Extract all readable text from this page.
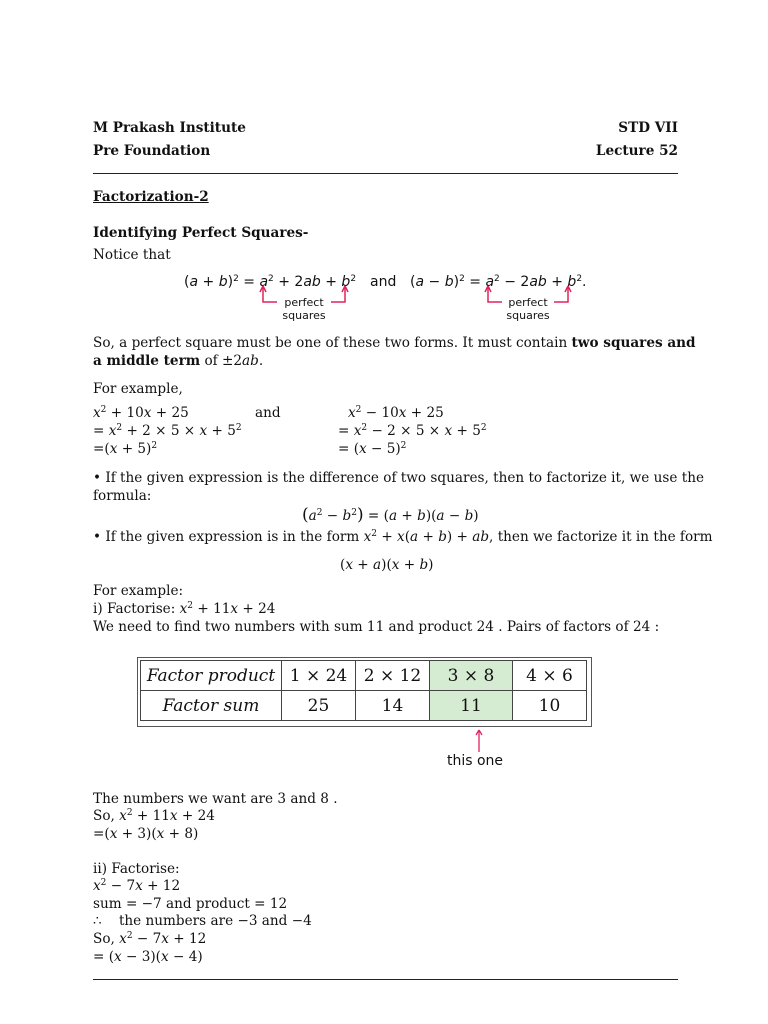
M Prakash Institute	STD VII
Pre Foundation	Lecture 52
Factorization-2
Identifying Perfect Squares-
Notice that
$(a + b)^2 = a^2 + 2ab + b^2$ and $(a - b)^2 = a^2 - 2ab + b^2$.
perfect
squares
perfect
squares
So, a perfect square must be one of these two forms. It must contain two squares and
a middle term of ±2ab.
For example,
$x^2 + 10x + 25$
= $x^2 + 2 \times 5 \times x + 5^2$
$=(x + 5)^2$
and	$x^2 - 10x + 25$
= $x^2 - 2 \times 5 \times x + 5^2$
= $(x - 5)^2$
• If the given expression is the difference of two squares, then to factorize it, we use the
formula:
$(a^2 - b^2) = (a + b)(a - b)$
• If the given expression is in the form $x^2 + x(a + b)$ + ab, then we factorize it in the form
(x + a)(x + b)
For example:
i) Factorise: $x^2 + 11x + 24$
We need to find two numbers with sum 11 and product 24 . Pairs of factors of 24 :
Factor product	1 × 24	2 × 12	3 × 8	4 × 6
Factor sum	25	14	11	10
this one
The numbers we want are 3 and 8 .
So, $x^2 + 11x + 24$
=(x + 3)(x + 8)
ii) Factorise:
$x^2 - 7x + 12$
sum = −7 and product = 12
∴ the numbers are −3 and −4
So, $x^2 - 7x + 12$
= (x − 3)(x − 4)
